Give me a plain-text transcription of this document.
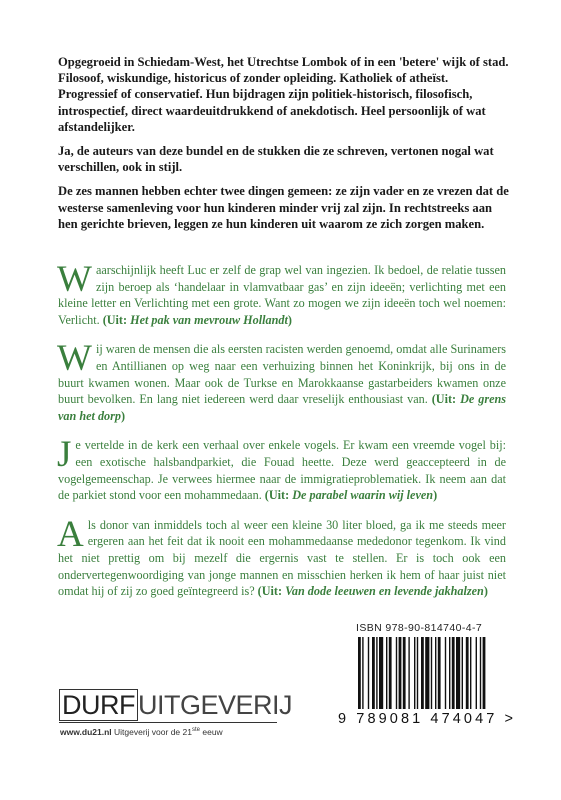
Opgegroeid in Schiedam-West, het Utrechtse Lombok of in een 'betere' wijk of stad. Filosoof, wiskundige, historicus of zonder opleiding. Katholiek of atheïst. Progressief of conservatief. Hun bijdragen zijn politiek-historisch, filosofisch, introspectief, direct waardeuitdrukkend of anekdotisch. Heel persoonlijk of wat afstandelijker.

Ja, de auteurs van deze bundel en de stukken die ze schreven, vertonen nogal wat verschillen, ook in stijl.

De zes mannen hebben echter twee dingen gemeen: ze zijn vader en ze vrezen dat de westerse samenleving voor hun kinderen minder vrij zal zijn. In rechtstreeks aan hen gerichte brieven, leggen ze hun kinderen uit waarom ze zich zorgen maken.

Waarschijnlijk heeft Luc er zelf de grap wel van ingezien. Ik bedoel, de relatie tussen zijn beroep als ‘handelaar in vlamvatbaar gas’ en zijn ideeën; verlichting met een kleine letter en Verlichting met een grote. Want zo mogen we zijn ideeën toch wel noemen: Verlicht. (Uit: Het pak van mevrouw Hollandt)

Wij waren de mensen die als eersten racisten werden genoemd, omdat alle Surinamers en Antillianen op weg naar een verhuizing binnen het Koninkrijk, bij ons in de buurt kwamen wonen. Maar ook de Turkse en Marokkaanse gastarbeiders kwamen onze buurt bevolken. En lang niet iedereen werd daar vreselijk enthousiast van. (Uit: De grens van het dorp)

Je vertelde in de kerk een verhaal over enkele vogels. Er kwam een vreemde vogel bij: een exotische halsbandparkiet, die Fouad heette. Deze werd geaccepteerd in de vogelgemeenschap. Je verwees hiermee naar de immigratieproblematiek. Ik neem aan dat de parkiet stond voor een mohammedaan. (Uit: De parabel waarin wij leven)

Als donor van inmiddels toch al weer een kleine 30 liter bloed, ga ik me steeds meer ergeren aan het feit dat ik nooit een mohammedaanse mededonor tegenkom. Ik vind het niet prettig om bij mezelf die ergernis vast te stellen. Er is toch ook een ondervertegenwoordiging van jonge mannen en misschien herken ik hem of haar juist niet omdat hij of zij zo goed geïntegreerd is? (Uit: Van dode leeuwen en levende jakhalzen)

ISBN 978-90-814740-4-7
9 789081 474047 >
DURF UITGEVERIJ
www.du21.nl Uitgeverij voor de 21ste eeuw
